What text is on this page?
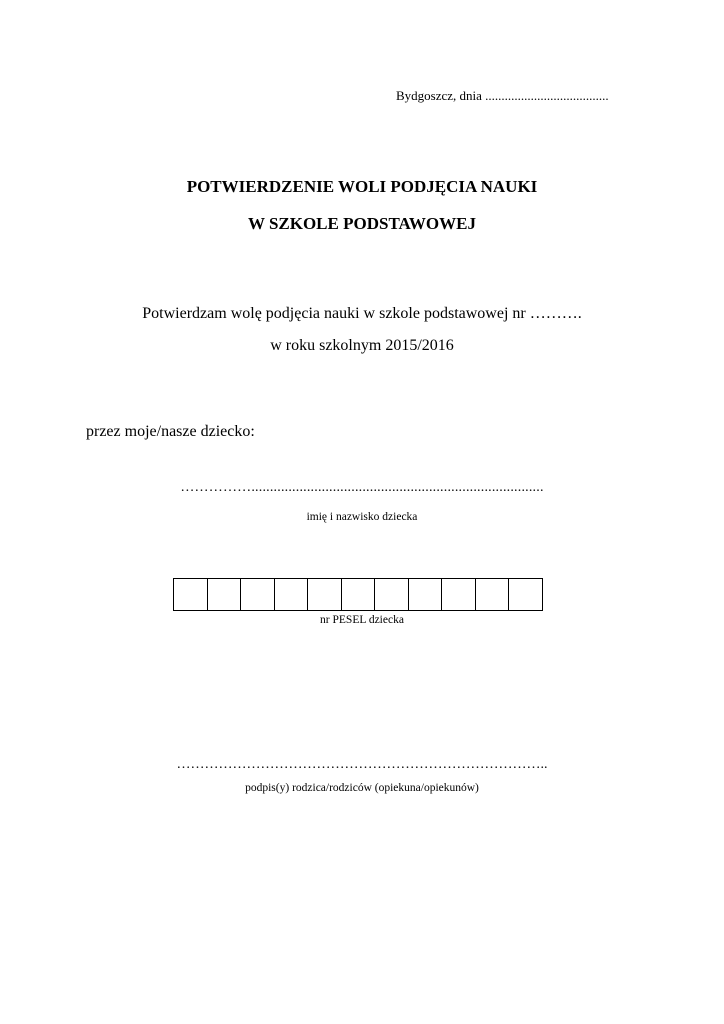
Bydgoszcz, dnia ......................................
POTWIERDZENIE WOLI PODJĘCIA NAUKI
W SZKOLE PODSTAWOWEJ
Potwierdzam wolę podjęcia nauki w szkole podstawowej nr ……….
w roku szkolnym 2015/2016
przez moje/nasze dziecko:
……………...............................................................................
imię i nazwisko dziecka
nr PESEL dziecka
……………………………………………………………………..
podpis(y) rodzica/rodziców (opiekuna/opiekunów)
